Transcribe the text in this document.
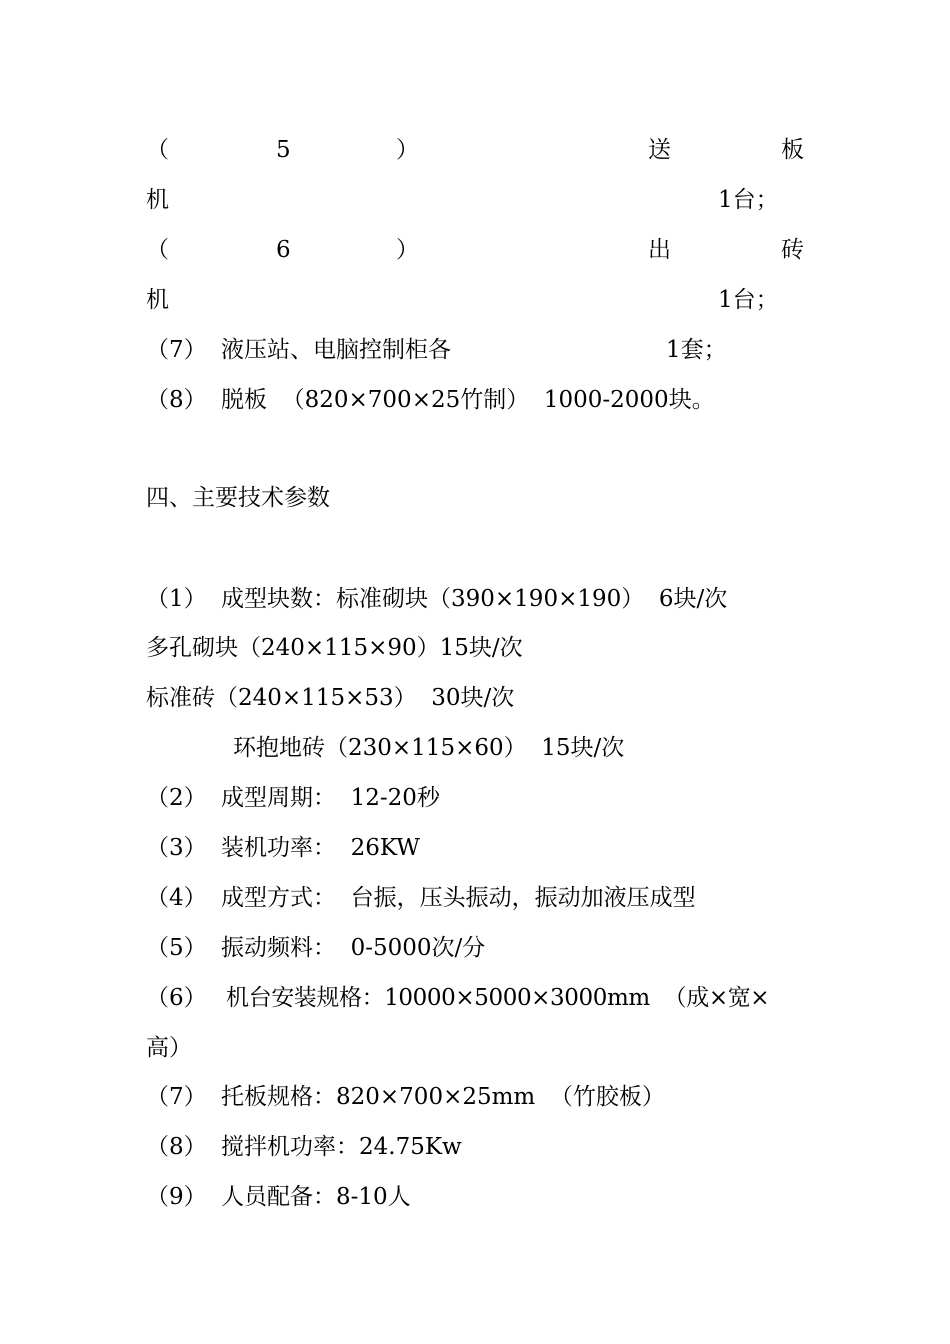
（	5	）	送	板
机	1台；
（	6	）	出	砖
机	1台；
（7） 液压站、电脑控制柜各	1套；
（8） 脱板  （820×700×25竹制）  1000-2000块。
四、主要技术参数
（1） 成型块数：标准砌块（390×190×190）  6块/次
多孔砌块（240×115×90）15块/次
标准砖（240×115×53）  30块/次
环抱地砖（230×115×60）  15块/次
（2） 成型周期：  12-20秒
（3） 装机功率：  26KW
（4） 成型方式：  台振，压头振动，振动加液压成型
（5） 振动频料：  0-5000次/分
（6） 机台安装规格：10000×5000×3000mm  （成×宽×
高）
（7） 托板规格：820×700×25mm  （竹胶板）
（8） 搅拌机功率：24.75Kw
（9） 人员配备：8-10人
